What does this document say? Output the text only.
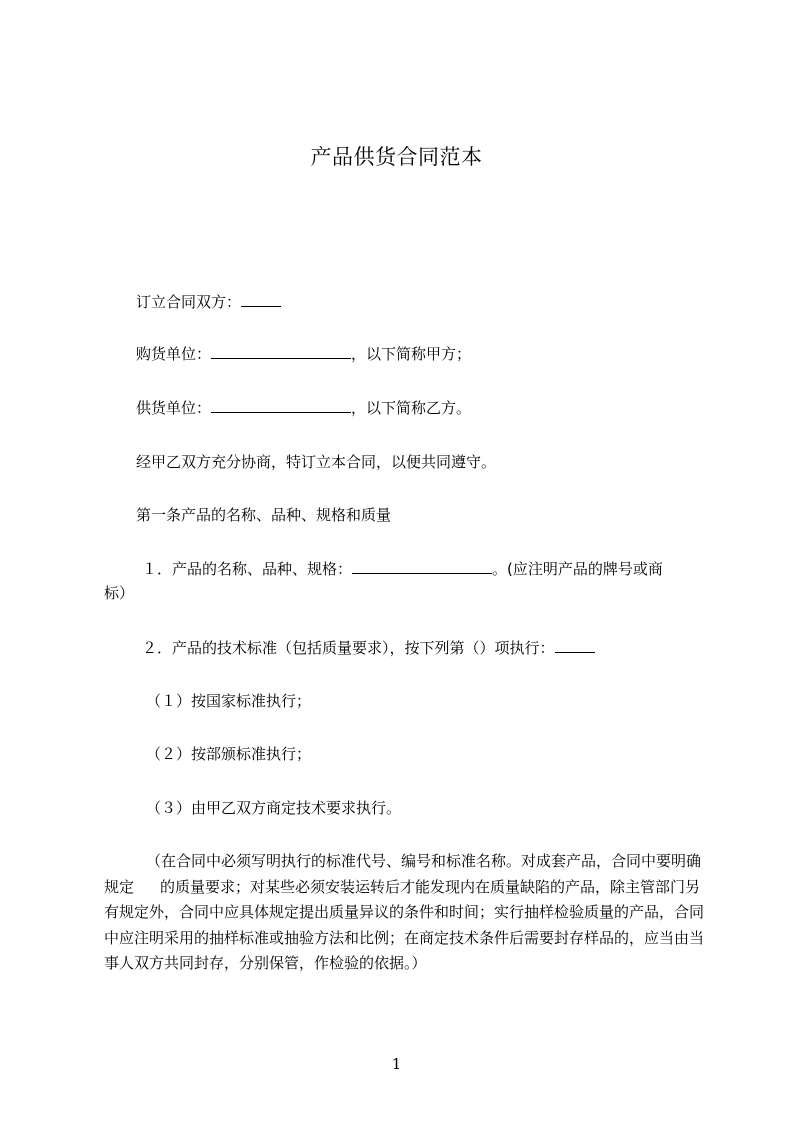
产品供货合同范本
订立合同双方：
购货单位：	，以下简称甲方；
供货单位：	，以下简称乙方。
经甲乙双方充分协商，特订立本合同，以便共同遵守。
第一条产品的名称、品种、规格和质量
１．产品的名称、品种、规格：	。(应注明产品的牌号或商
标）
２．产品的技术标准（包括质量要求），按下列第（）项执行：
（１）按国家标准执行；
（２）按部颁标准执行；
（３）由甲乙双方商定技术要求执行。
（在合同中必须写明执行的标准代号、编号和标准名称。对成套产品，合同中要明确规定 的质量要求；对某些必须安装运转后才能发现内在质量缺陷的产品，除主管部门另有规定外，合同中应具体规定提出质量异议的条件和时间；实行抽样检验质量的产品，合同中应注明采用的抽样标准或抽验方法和比例；在商定技术条件后需要封存样品的，应当由当事人双方共同封存，分别保管，作检验的依据。）
1
